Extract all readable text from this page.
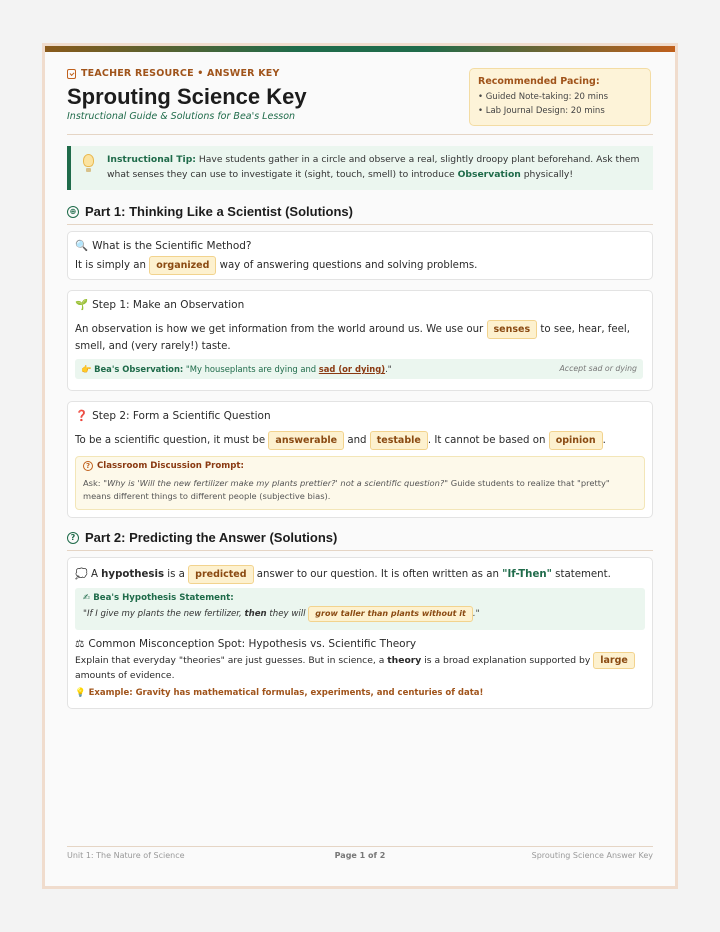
TEACHER RESOURCE • ANSWER KEY
Sprouting Science Key
Instructional Guide & Solutions for Bea's Lesson
Recommended Pacing:
• Guided Note-taking: 20 mins
• Lab Journal Design: 20 mins
Instructional Tip: Have students gather in a circle and observe a real, slightly droopy plant beforehand. Ask them what senses they can use to investigate it (sight, touch, smell) to introduce Observation physically!
⊕ Part 1: Thinking Like a Scientist (Solutions)
🔍 What is the Scientific Method?
It is simply an organized way of answering questions and solving problems.
🌱 Step 1: Make an Observation
An observation is how we get information from the world around us. We use our senses to see, hear, feel, smell, and (very rarely!) taste.
👉 Bea's Observation: "My houseplants are dying and sad (or dying)."	Accept sad or dying
❓ Step 2: Form a Scientific Question
To be a scientific question, it must be answerable and testable . It cannot be based on opinion .
? Classroom Discussion Prompt:
Ask: "Why is 'Will the new fertilizer make my plants prettier?' not a scientific question?" Guide students to realize that "pretty" means different things to different people (subjective bias).
? Part 2: Predicting the Answer (Solutions)
💭 A hypothesis is a predicted answer to our question. It is often written as an "If-Then" statement.
✍ Bea's Hypothesis Statement:
"If I give my plants the new fertilizer, then they will grow taller than plants without it ."
⚖ Common Misconception Spot: Hypothesis vs. Scientific Theory
Explain that everyday "theories" are just guesses. But in science, a theory is a broad explanation supported by large amounts of evidence.
💡 Example: Gravity has mathematical formulas, experiments, and centuries of data!
Unit 1: The Nature of Science	Page 1 of 2	Sprouting Science Answer Key
